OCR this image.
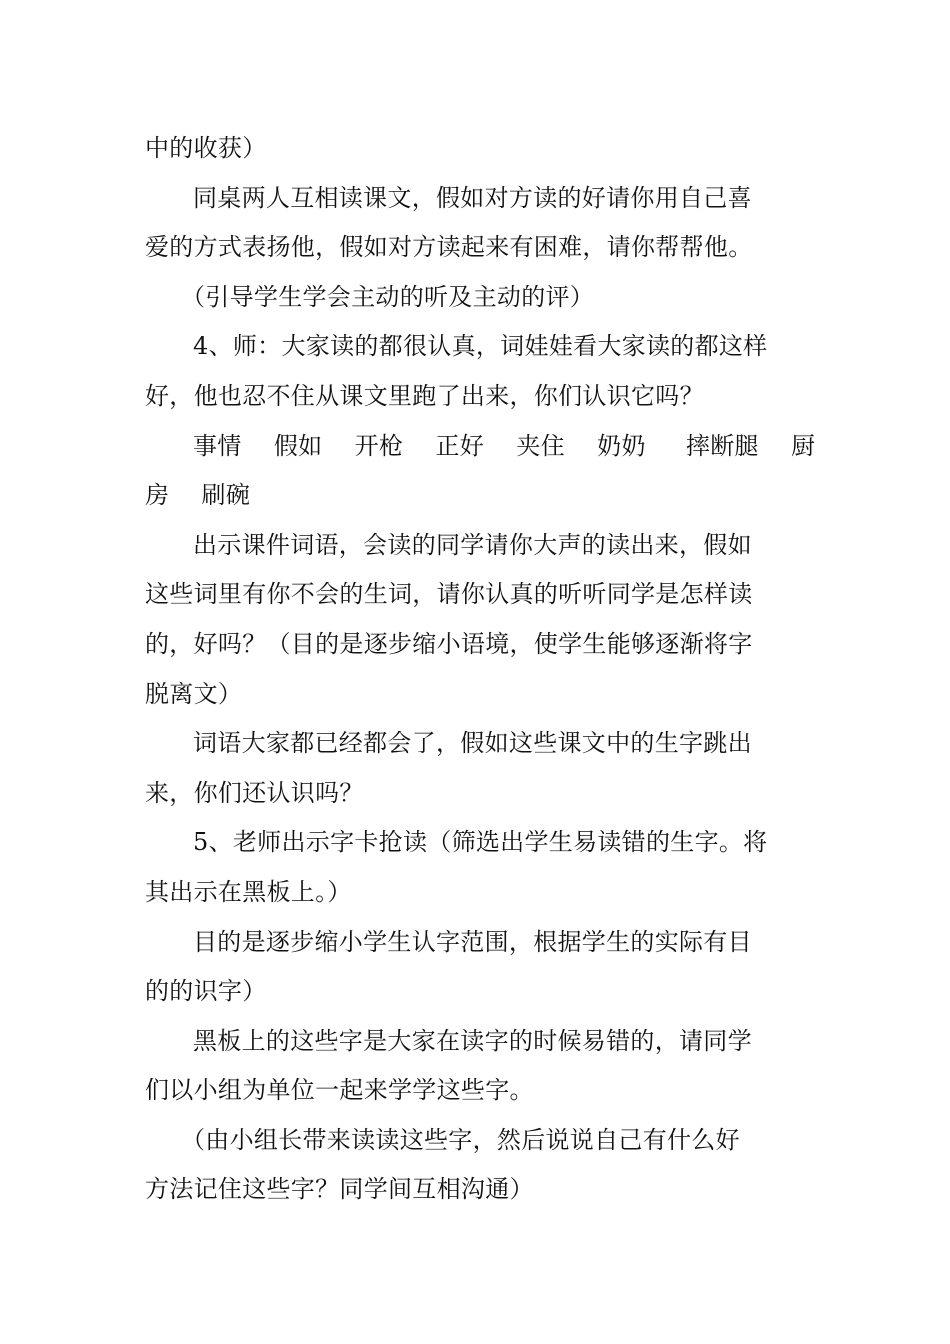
中的收获）

同桌两人互相读课文，假如对方读的好请你用自己喜
爱的方式表扬他，假如对方读起来有困难，请你帮帮他。

（引导学生学会主动的听及主动的评）

4、师：大家读的都很认真，词娃娃看大家读的都这样
好，他也忍不住从课文里跑了出来，你们认识它吗？

事情　 假如　 开枪　 正好　 夹住　 奶奶　  摔断腿　 厨
房　 刷碗

出示课件词语，会读的同学请你大声的读出来，假如
这些词里有你不会的生词，请你认真的听听同学是怎样读
的，好吗？（目的是逐步缩小语境，使学生能够逐渐将字
脱离文）

词语大家都已经都会了，假如这些课文中的生字跳出
来，你们还认识吗？

5、老师出示字卡抢读（筛选出学生易读错的生字。将
其出示在黑板上。）

目的是逐步缩小学生认字范围，根据学生的实际有目
的的识字）

黑板上的这些字是大家在读字的时候易错的，请同学
们以小组为单位一起来学学这些字。

（由小组长带来读读这些字，然后说说自己有什么好
方法记住这些字？同学间互相沟通）
